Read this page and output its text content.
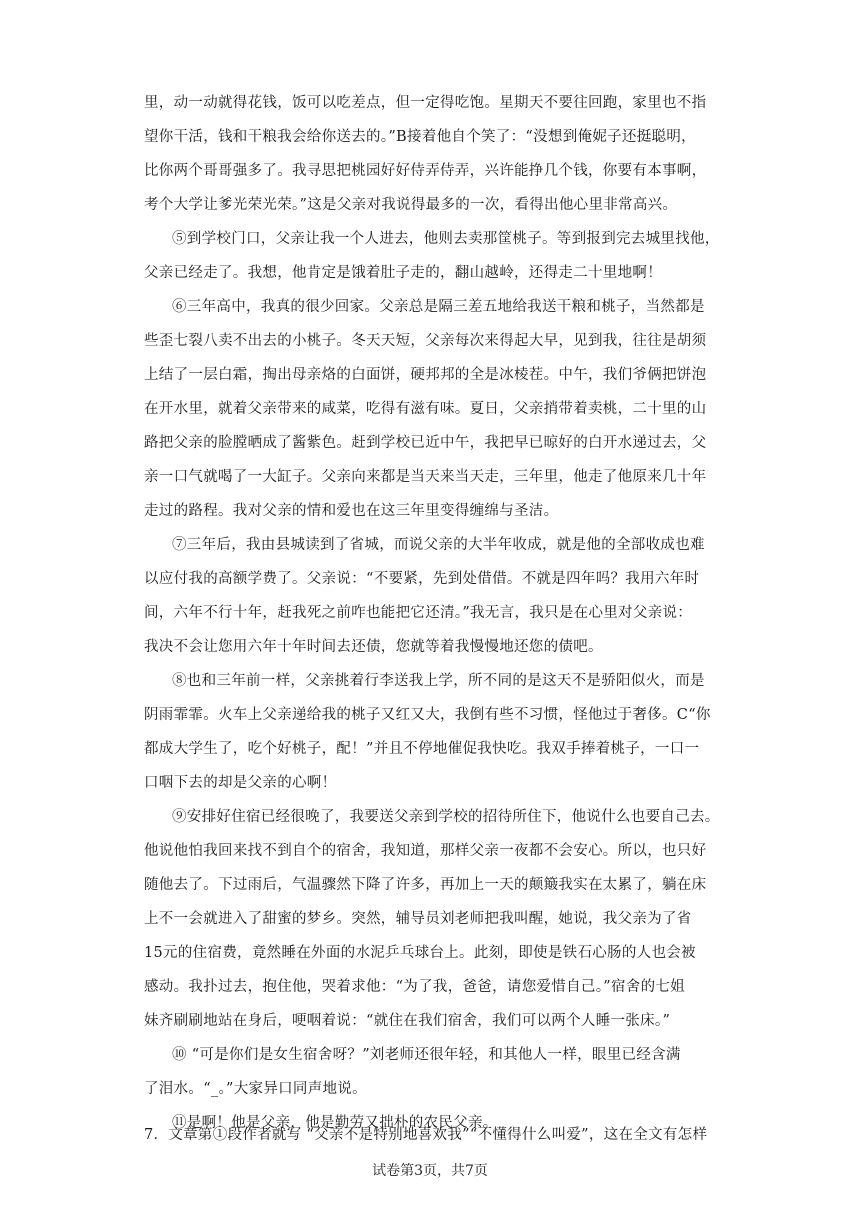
里，动一动就得花钱，饭可以吃差点，但一定得吃饱。星期天不要往回跑，家里也不指
望你干活，钱和干粮我会给你送去的。”B接着他自个笑了：“没想到俺妮子还挺聪明，
比你两个哥哥强多了。我寻思把桃园好好侍弄侍弄，兴许能挣几个钱，你要有本事啊，
考个大学让爹光荣光荣。”这是父亲对我说得最多的一次，看得出他心里非常高兴。
⑤到学校门口，父亲让我一个人进去，他则去卖那筐桃子。等到报到完去城里找他，
父亲已经走了。我想，他肯定是饿着肚子走的，翻山越岭，还得走二十里地啊！
⑥三年高中，我真的很少回家。父亲总是隔三差五地给我送干粮和桃子，当然都是
些歪七裂八卖不出去的小桃子。冬天天短，父亲每次来得起大早，见到我，往往是胡须
上结了一层白霜，掏出母亲烙的白面饼，硬邦邦的全是冰棱茬。中午，我们爷俩把饼泡
在开水里，就着父亲带来的咸菜，吃得有滋有味。夏日，父亲捎带着卖桃，二十里的山
路把父亲的脸膛晒成了酱紫色。赶到学校已近中午，我把早已晾好的白开水递过去，父
亲一口气就喝了一大缸子。父亲向来都是当天来当天走，三年里，他走了他原来几十年
走过的路程。我对父亲的情和爱也在这三年里变得缠绵与圣洁。
⑦三年后，我由县城读到了省城，而说父亲的大半年收成，就是他的全部收成也难
以应付我的高额学费了。父亲说：“不要紧，先到处借借。不就是四年吗？我用六年时
间，六年不行十年，赶我死之前咋也能把它还清。”我无言，我只是在心里对父亲说：
我决不会让您用六年十年时间去还债，您就等着我慢慢地还您的债吧。
⑧也和三年前一样，父亲挑着行李送我上学，所不同的是这天不是骄阳似火，而是
阴雨霏霏。火车上父亲递给我的桃子又红又大，我倒有些不习惯，怪他过于奢侈。C“你
都成大学生了，吃个好桃子，配！”并且不停地催促我快吃。我双手捧着桃子，一口一
口咽下去的却是父亲的心啊！
⑨安排好住宿已经很晚了，我要送父亲到学校的招待所住下，他说什么也要自己去。
他说他怕我回来找不到自个的宿舍，我知道，那样父亲一夜都不会安心。所以，也只好
随他去了。下过雨后，气温骤然下降了许多，再加上一天的颠簸我实在太累了，躺在床
上不一会就进入了甜蜜的梦乡。突然，辅导员刘老师把我叫醒，她说，我父亲为了省
15元的住宿费，竟然睡在外面的水泥乒乓球台上。此刻，即使是铁石心肠的人也会被
感动。我扑过去，抱住他，哭着求他：“为了我，爸爸，请您爱惜自己。”宿舍的七姐
妹齐刷刷地站在身后，哽咽着说：“就住在我们宿舍，我们可以两个人睡一张床。”
⑩ “可是你们是女生宿舍呀？”刘老师还很年轻，和其他人一样，眼里已经含满
了泪水。“_。”大家异口同声地说。
⑪是啊！他是父亲，他是勤劳又拙朴的农民父亲。
7．文章第①段作者就写 “父亲不是特别地喜欢我”“不懂得什么叫爱”，这在全文有怎样
试卷第3页，共7页
